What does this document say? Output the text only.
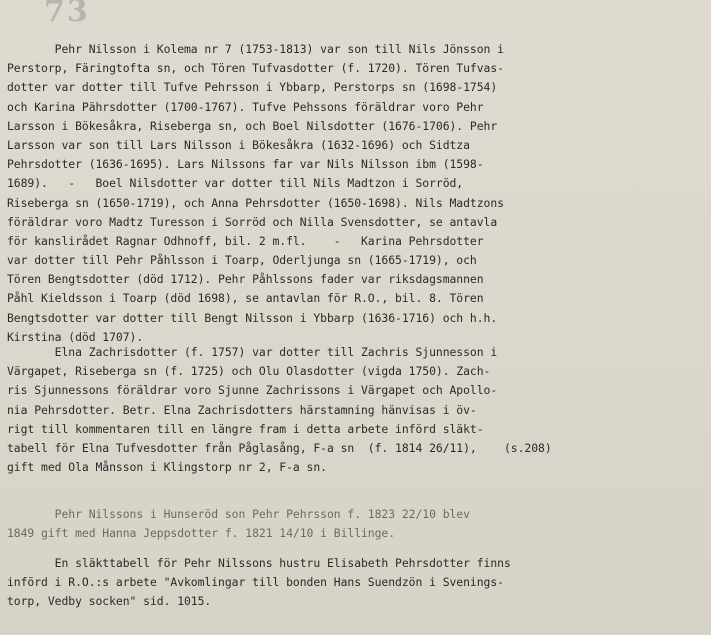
73
Pehr Nilsson i Kolema nr 7 (1753-1813) var son till Nils Jönsson i
Perstorp, Färingtofta sn, och Tören Tufvasdotter (f. 1720). Tören Tufvas-
dotter var dotter till Tufve Pehrsson i Ybbarp, Perstorps sn (1698-1754)
och Karina Pährsdotter (1700-1767). Tufve Pehssons föräldrar voro Pehr
Larsson i Bökesåkra, Riseberga sn, och Boel Nilsdotter (1676-1706). Pehr
Larsson var son till Lars Nilsson i Bökesåkra (1632-1696) och Sidtza
Pehrsdotter (1636-1695). Lars Nilssons far var Nils Nilsson ibm (1598-
1689).   -   Boel Nilsdotter var dotter till Nils Madtzon i Sorröd,
Riseberga sn (1650-1719), och Anna Pehrsdotter (1650-1698). Nils Madtzons
föräldrar voro Madtz Turesson i Sorröd och Nilla Svensdotter, se antavla
för kanslirådet Ragnar Odhnoff, bil. 2 m.fl.    -   Karina Pehrsdotter
var dotter till Pehr Påhlsson i Toarp, Oderljunga sn (1665-1719), och
Tören Bengtsdotter (död 1712). Pehr Påhlssons fader var riksdagsmannen
Påhl Kieldsson i Toarp (död 1698), se antavlan för R.O., bil. 8. Tören
Bengtsdotter var dotter till Bengt Nilsson i Ybbarp (1636-1716) och h.h.
Kirstina (död 1707).
Elna Zachrisdotter (f. 1757) var dotter till Zachris Sjunnesson i
Värgapet, Riseberga sn (f. 1725) och Olu Olasdotter (vigda 1750). Zach-
ris Sjunnessons föräldrar voro Sjunne Zachrissons i Värgapet och Apollo-
nia Pehrsdotter. Betr. Elna Zachrisdotters härstamning hänvisas i öv-
rigt till kommentaren till en längre fram i detta arbete införd släkt-
tabell för Elna Tufvesdotter från Påglasång, F-a sn  (f. 1814 26/11),    (s.208)
gift med Ola Månsson i Klingstorp nr 2, F-a sn.
Pehr Nilssons i Hunseröd son Pehr Pehrsson f. 1823 22/10 blev
1849 gift med Hanna Jeppsdotter f. 1821 14/10 i Billinge.
En släkttabell för Pehr Nilssons hustru Elisabeth Pehrsdotter finns
införd i R.O.:s arbete "Avkomlingar till bonden Hans Suendzön i Svenings-
torp, Vedby socken" sid. 1015.
